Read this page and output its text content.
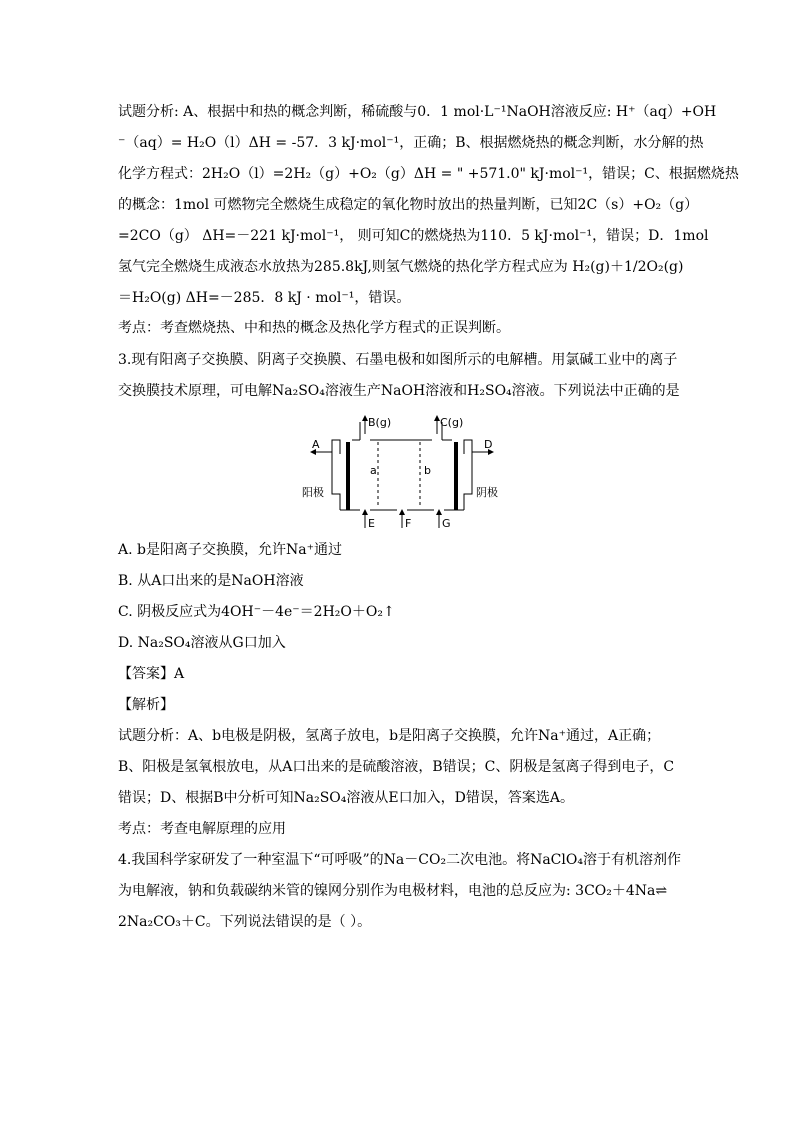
试题分析: A、根据中和热的概念判断，稀硫酸与0．1 mol·L⁻¹NaOH溶液反应: H⁺（aq）+OH
⁻（aq）= H₂O（l）ΔH = -57．3 kJ·mol⁻¹，正确；B、根据燃烧热的概念判断，水分解的热
化学方程式：2H₂O（l）=2H₂（g）+O₂（g）ΔH = " +571.0" kJ·mol⁻¹，错误；C、根据燃烧热
的概念：1mol 可燃物完全燃烧生成稳定的氧化物时放出的热量判断，已知2C（s）+O₂（g）
=2CO（g） ΔH=－221 kJ·mol⁻¹， 则可知C的燃烧热为110．5 kJ·mol⁻¹，错误；D．1mol
氢气完全燃烧生成液态水放热为285.8kJ,则氢气燃烧的热化学方程式应为 H₂(g)＋1/2O₂(g)
＝H₂O(g) ΔH=－285．8 kJ · mol⁻¹，错误。
考点：考查燃烧热、中和热的概念及热化学方程式的正误判断。
3.现有阳离子交换膜、阴离子交换膜、石墨电极和如图所示的电解槽。用氯碱工业中的离子
交换膜技术原理，可电解Na₂SO₄溶液生产NaOH溶液和H₂SO₄溶液。下列说法中正确的是
A
B(g)	C(g)
D
E	F	G
a	b
阳极	阴极
A. b是阳离子交换膜，允许Na⁺通过
B. 从A口出来的是NaOH溶液
C. 阴极反应式为4OH⁻－4e⁻＝2H₂O＋O₂↑
D. Na₂SO₄溶液从G口加入
【答案】A
【解析】
试题分析：A、b电极是阴极，氢离子放电，b是阳离子交换膜，允许Na⁺通过，A正确；
B、阳极是氢氧根放电，从A口出来的是硫酸溶液，B错误；C、阴极是氢离子得到电子，C
错误；D、根据B中分析可知Na₂SO₄溶液从E口加入，D错误，答案选A。
考点：考查电解原理的应用
4.我国科学家研发了一种室温下“可呼吸”的Na－CO₂二次电池。将NaClO₄溶于有机溶剂作
为电解液，钠和负载碳纳米管的镍网分别作为电极材料，电池的总反应为: 3CO₂＋4Na⇌
2Na₂CO₃＋C。下列说法错误的是（ ）。
